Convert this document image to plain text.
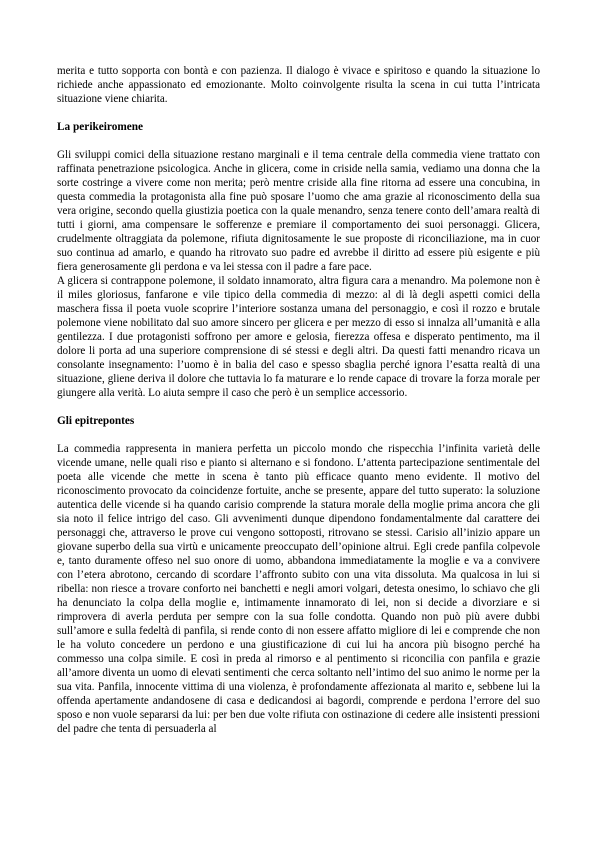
merita e tutto sopporta con bontà e con pazienza. Il dialogo è vivace e spiritoso e quando la situazione lo richiede anche appassionato ed emozionante. Molto coinvolgente risulta la scena in cui tutta l’intricata situazione viene chiarita.

La perikeiromene

Gli sviluppi comici della situazione restano marginali e il tema centrale della commedia viene trattato con raffinata penetrazione psicologica. Anche in glicera, come in criside nella samia, vediamo una donna che la sorte costringe a vivere come non merita; però mentre criside alla fine ritorna ad essere una concubina, in questa commedia la protagonista alla fine può sposare l’uomo che ama grazie al riconoscimento della sua vera origine, secondo quella giustizia poetica con la quale menandro, senza tenere conto dell’amara realtà di tutti i giorni, ama compensare le sofferenze e premiare il comportamento dei suoi personaggi. Glicera, crudelmente oltraggiata da polemone, rifiuta dignitosamente le sue proposte di riconciliazione, ma in cuor suo continua ad amarlo, e quando ha ritrovato suo padre ed avrebbe il diritto ad essere più esigente e più fiera generosamente gli perdona e va lei stessa con il padre a fare pace.

A glicera si contrappone polemone, il soldato innamorato, altra figura cara a menandro. Ma polemone non è il miles gloriosus, fanfarone e vile tipico della commedia di mezzo: al di là degli aspetti comici della maschera fissa il poeta vuole scoprire l’interiore sostanza umana del personaggio, e così il rozzo e brutale polemone viene nobilitato dal suo amore sincero per glicera e per mezzo di esso si innalza all’umanità e alla gentilezza. I due protagonisti soffrono per amore e gelosia, fierezza offesa e disperato pentimento, ma il dolore li porta ad una superiore comprensione di sé stessi e degli altri. Da questi fatti menandro ricava un consolante insegnamento: l’uomo è in balia del caso e spesso sbaglia perché ignora l’esatta realtà di una situazione, gliene deriva il dolore che tuttavia lo fa maturare e lo rende capace di trovare la forza morale per giungere alla verità. Lo aiuta sempre il caso che però è un semplice accessorio.

Gli epitrepontes

La commedia rappresenta in maniera perfetta un piccolo mondo che rispecchia l’infinita varietà delle vicende umane, nelle quali riso e pianto si alternano e si fondono. L’attenta partecipazione sentimentale del poeta alle vicende che mette in scena è tanto più efficace quanto meno evidente. Il motivo del riconoscimento provocato da coincidenze fortuite, anche se presente, appare del tutto superato: la soluzione autentica delle vicende si ha quando carisio comprende la statura morale della moglie prima ancora che gli sia noto il felice intrigo del caso. Gli avvenimenti dunque dipendono fondamentalmente dal carattere dei personaggi che, attraverso le prove cui vengono sottoposti, ritrovano se stessi. Carisio all’inizio appare un giovane superbo della sua virtù e unicamente preoccupato dell’opinione altrui. Egli crede panfila colpevole e, tanto duramente offeso nel suo onore di uomo, abbandona immediatamente la moglie e va a convivere con l’etera abrotono, cercando di scordare l’affronto subito con una vita dissoluta. Ma qualcosa in lui si ribella: non riesce a trovare conforto nei banchetti e negli amori volgari, detesta onesimo, lo schiavo che gli ha denunciato la colpa della moglie e, intimamente innamorato di lei, non si decide a divorziare e si rimprovera di averla perduta per sempre con la sua folle condotta. Quando non può più avere dubbi sull’amore e sulla fedeltà di panfila, si rende conto di non essere affatto migliore di lei e comprende che non le ha voluto concedere un perdono e una giustificazione di cui lui ha ancora più bisogno perché ha commesso una colpa simile. E così in preda al rimorso e al pentimento si riconcilia con panfila e grazie all’amore diventa un uomo di elevati sentimenti che cerca soltanto nell’intimo del suo animo le norme per la sua vita. Panfila, innocente vittima di una violenza, è profondamente affezionata al marito e, sebbene lui la offenda apertamente andandosene di casa e dedicandosi ai bagordi, comprende e perdona l’errore del suo sposo e non vuole separarsi da lui: per ben due volte rifiuta con ostinazione di cedere alle insistenti pressioni del padre che tenta di persuaderla al
